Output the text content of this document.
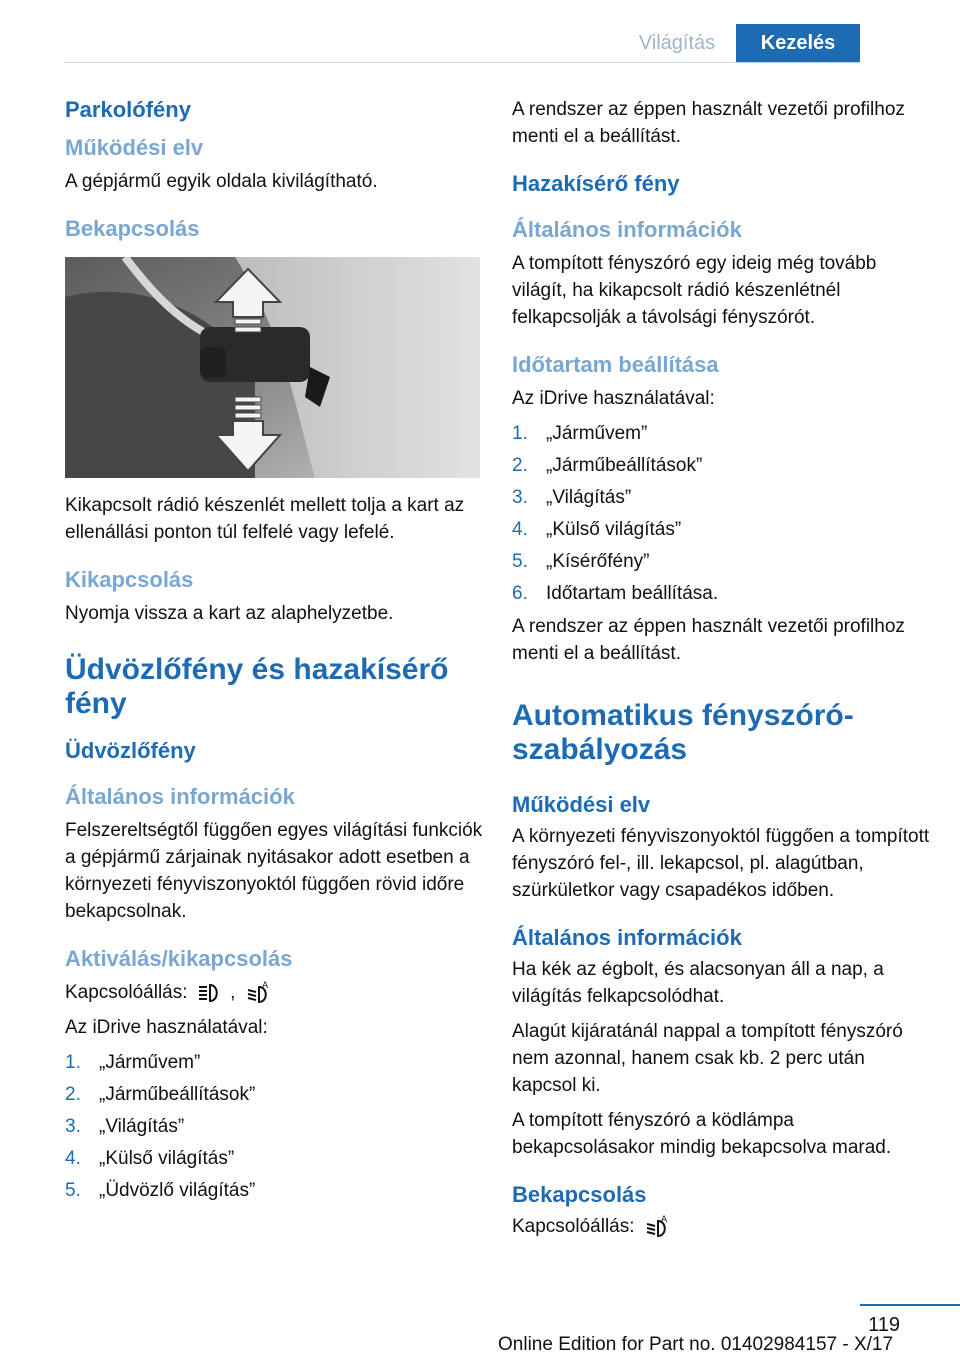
Világítás	Kezelés
Parkolófény
Működési elv

A gépjármű egyik oldala kivilágítható.

Bekapcsolás

Kikapcsolt rádió készenlét mellett tolja a kart az ellenállási ponton túl felfelé vagy lefelé.

Kikapcsolás

Nyomja vissza a kart az alaphelyzetbe.

Üdvözlőfény és hazakísérő fény
Üdvözlőfény
Általános információk

Felszereltségtől függően egyes világítási funkciók a gépjármű zárjainak nyitásakor adott esetben a környezeti fényviszonyoktól függően rövid időre bekapcsolnak.

Aktiválás/kikapcsolás

Kapcsolóállás: ,	A

Az iDrive használatával:

1. „Járművem”
2. „Járműbeállítások”
3. „Világítás”
4. „Külső világítás”
5. „Üdvözlő világítás”

A rendszer az éppen használt vezetői profilhoz menti el a beállítást.

Hazakísérő fény
Általános információk

A tompított fényszóró egy ideig még tovább világít, ha kikapcsolt rádió készenlétnél felkapcsolják a távolsági fényszórót.

Időtartam beállítása

Az iDrive használatával:

1. „Járművem”
2. „Járműbeállítások”
3. „Világítás”
4. „Külső világítás”
5. „Kísérőfény”
6. Időtartam beállítása.

A rendszer az éppen használt vezetői profilhoz menti el a beállítást.

Automatikus fényszóró-szabályozás
Működési elv

A környezeti fényviszonyoktól függően a tompított fényszóró fel-, ill. lekapcsol, pl. alagútban, szürkületkor vagy csapadékos időben.

Általános információk

Ha kék az égbolt, és alacsonyan áll a nap, a világítás felkapcsolódhat.

Alagút kijáratánál nappal a tompított fényszóró nem azonnal, hanem csak kb. 2 perc után kapcsol ki.

A tompított fényszóró a ködlámpa bekapcsolásakor mindig bekapcsolva marad.

Bekapcsolás

Kapcsolóállás:	A

119
Online Edition for Part no. 01402984157 - X/17
